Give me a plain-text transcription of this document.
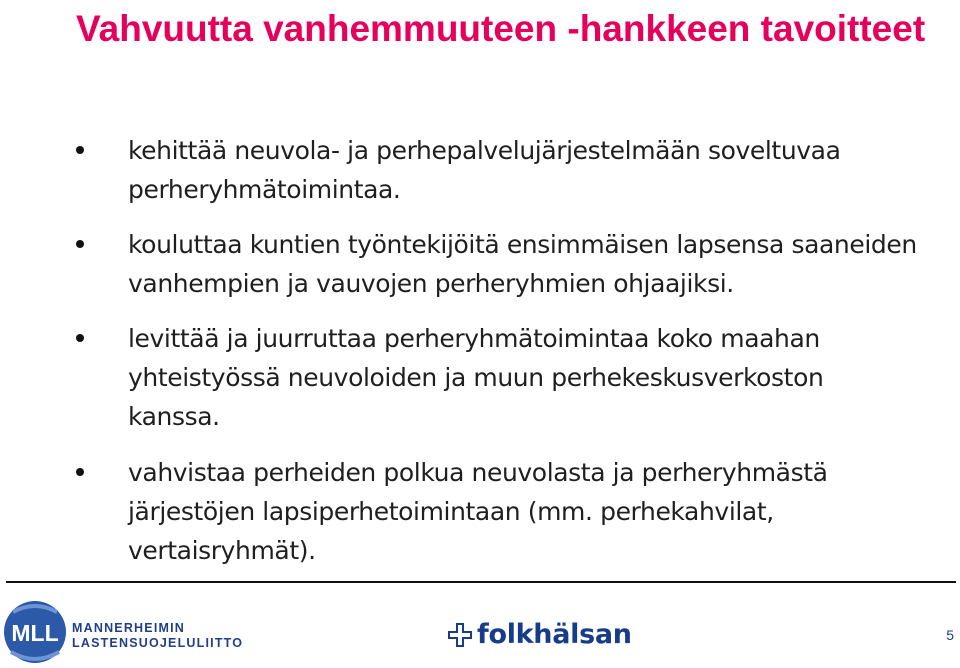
Vahvuutta vanhemmuuteen -hankkeen tavoitteet
kehittää neuvola- ja perhepalvelujärjestelmään soveltuvaa perheryhmätoimintaa.
kouluttaa kuntien työntekijöitä ensimmäisen lapsensa saaneiden vanhempien ja vauvojen perheryhmien ohjaajiksi.
levittää ja juurruttaa perheryhmätoimintaa koko maahan yhteistyössä neuvoloiden ja muun perhekeskusverkoston kanssa.
vahvistaa perheiden polkua neuvolasta ja perheryhmästä järjestöjen lapsiperhetoimintaan (mm. perhekahvilat, vertaisryhmät).
MLL MANNERHEIMIN
LASTENSUOJELULIITTO	folkhälsan	5
